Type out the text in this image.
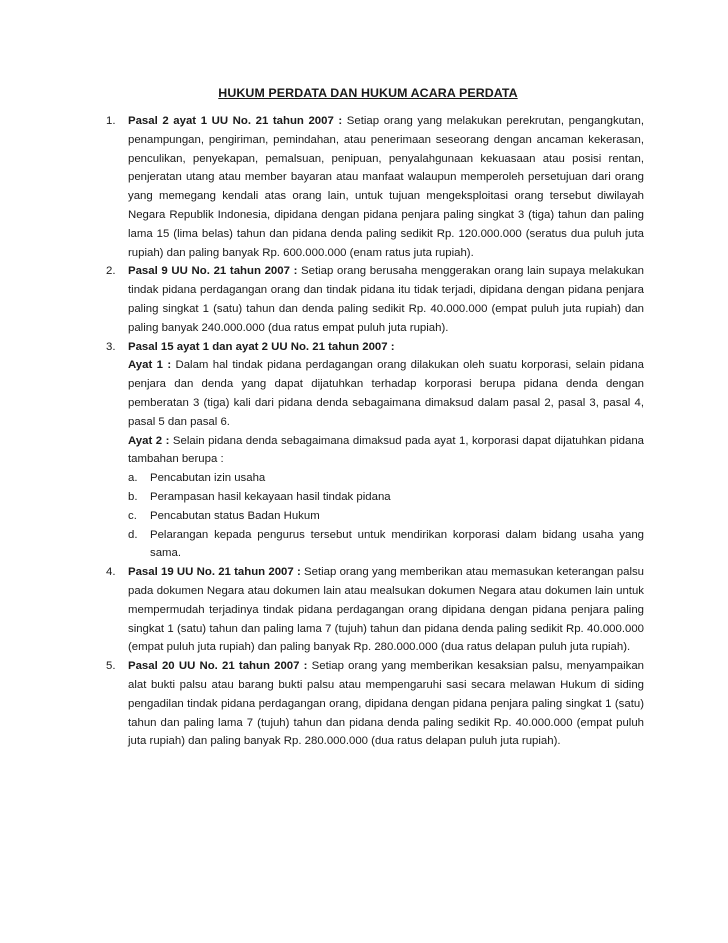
HUKUM PERDATA DAN HUKUM ACARA PERDATA
1. Pasal 2 ayat 1 UU No. 21 tahun 2007 : Setiap orang yang melakukan perekrutan, pengangkutan, penampungan, pengiriman, pemindahan, atau penerimaan seseorang dengan ancaman kekerasan, penculikan, penyekapan, pemalsuan, penipuan, penyalahgunaan kekuasaan atau posisi rentan, penjeratan utang atau member bayaran atau manfaat walaupun memperoleh persetujuan dari orang yang memegang kendali atas orang lain, untuk tujuan mengeksploitasi orang tersebut diwilayah Negara Republik Indonesia, dipidana dengan pidana penjara paling singkat 3 (tiga) tahun dan paling lama 15 (lima belas) tahun dan pidana denda paling sedikit Rp. 120.000.000 (seratus dua puluh juta rupiah) dan paling banyak Rp. 600.000.000 (enam ratus juta rupiah).
2. Pasal 9 UU No. 21 tahun 2007 : Setiap orang berusaha menggerakan orang lain supaya melakukan tindak pidana perdagangan orang dan tindak pidana itu tidak terjadi, dipidana dengan pidana penjara paling singkat 1 (satu) tahun dan denda paling sedikit Rp. 40.000.000 (empat puluh juta rupiah) dan paling banyak 240.000.000 (dua ratus empat puluh juta rupiah).
3. Pasal 15 ayat 1 dan ayat 2 UU No. 21 tahun 2007 :
Ayat 1 : Dalam hal tindak pidana perdagangan orang dilakukan oleh suatu korporasi, selain pidana penjara dan denda yang dapat dijatuhkan terhadap korporasi berupa pidana denda dengan pemberatan 3 (tiga) kali dari pidana denda sebagaimana dimaksud dalam pasal 2, pasal 3, pasal 4, pasal 5 dan pasal 6.
Ayat 2 : Selain pidana denda sebagaimana dimaksud pada ayat 1, korporasi dapat dijatuhkan pidana tambahan berupa :
a. Pencabutan izin usaha
b. Perampasan hasil kekayaan hasil tindak pidana
c. Pencabutan status Badan Hukum
d. Pelarangan kepada pengurus tersebut untuk mendirikan korporasi dalam bidang usaha yang sama.
4. Pasal 19 UU No. 21 tahun 2007 : Setiap orang yang memberikan atau memasukan keterangan palsu pada dokumen Negara atau dokumen lain atau mealsukan dokumen Negara atau dokumen lain untuk mempermudah terjadinya tindak pidana perdagangan orang dipidana dengan pidana penjara paling singkat 1 (satu) tahun dan paling lama 7 (tujuh) tahun dan pidana denda paling sedikit Rp. 40.000.000 (empat puluh juta rupiah) dan paling banyak Rp. 280.000.000 (dua ratus delapan puluh juta rupiah).
5. Pasal 20 UU No. 21 tahun 2007 : Setiap orang yang memberikan kesaksian palsu, menyampaikan alat bukti palsu atau barang bukti palsu atau mempengaruhi sasi secara melawan Hukum di siding pengadilan tindak pidana perdagangan orang, dipidana dengan pidana penjara paling singkat 1 (satu) tahun dan paling lama 7 (tujuh) tahun dan pidana denda paling sedikit Rp. 40.000.000 (empat puluh juta rupiah) dan paling banyak Rp. 280.000.000 (dua ratus delapan puluh juta rupiah).
